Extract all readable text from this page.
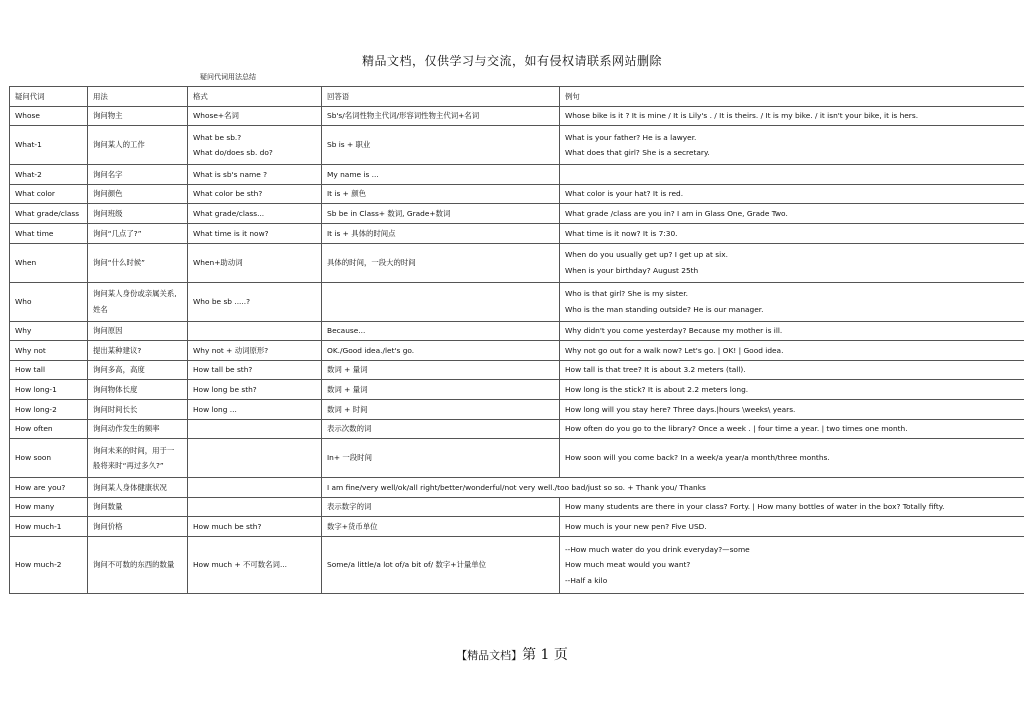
精品文档，仅供学习与交流，如有侵权请联系网站删除
疑问代词用法总结
疑问代词	用法	格式	回答语	例句

Whose	询问物主	Whose+名词	Sb's/名词性物主代词/形容词性物主代词+名词	Whose bike is it ? It is mine / It is Lily's . / It is theirs. / It is my bike. / it isn't your bike, it is hers.

What-1	询问某人的工作	What be sb.?
What do/does sb. do?	Sb is + 职业	What is your father? He is a lawyer.
What does that girl? She is a secretary.

What-2	询问名字	What is sb's name ?	My name is ...	

What color	询问颜色	What color be sth?	It is + 颜色	What color is your hat? It is red.

What grade/class	询问班级	What grade/class...	Sb be in Class+ 数词, Grade+数词	What grade /class are you in? I am in Glass One, Grade Two.

What time	询问“几点了?”	What time is it now?	It is + 具体的时间点	What time is it now? It is 7:30.

When	询问“什么时候”	When+助动词	具体的时间，一段大的时间	When do you usually get up? I get up at six.
When is your birthday? August 25th

Who	询问某人身份或亲属关系,
姓名	Who be sb .....?		Who is that girl? She is my sister.
Who is the man standing outside? He is our manager.

Why	询问原因		Because...	Why didn't you come yesterday? Because my mother is ill.

Why not	提出某种建议?	Why not + 动词原形?	OK./Good idea./let's go.	Why not go out for a walk now? Let's go. | OK! | Good idea.

How tall	询问多高，高度	How tall be sth?	数词 + 量词	How tall is that tree? It is about 3.2 meters (tall).

How long-1	询问物体长度	How long be sth?	数词 + 量词	How long is the stick? It is about 2.2 meters long.

How long-2	询问时间长长	How long ...	数词 + 时间	How long will you stay here? Three days.|hours \weeks\ years.

How often	询问动作发生的频率		表示次数的词	How often do you go to the library? Once a week . | four time a year. | two times one month.

How soon	询问未来的时间，用于一
般将来时“再过多久?”		In+ 一段时间	How soon will you come back? In a week/a year/a month/three months.

How are you?	询问某人身体健康状况		I am fine/very well/ok/all right/better/wonderful/not very well./too bad/just so so. + Thank you/ Thanks	

How many	询问数量		表示数字的词	How many students are there in your class? Forty. | How many bottles of water in the box? Totally fifty.

How much-1	询问价格	How much be sth?	数字+货币单位	How much is your new pen? Five USD.

How much-2	询问不可数的东西的数量	How much + 不可数名词...	Some/a little/a lot of/a bit of/ 数字+计量单位	--How much water do you drink everyday?—some
How much meat would you want?
--Half a kilo
【精品文档】第 1 页
